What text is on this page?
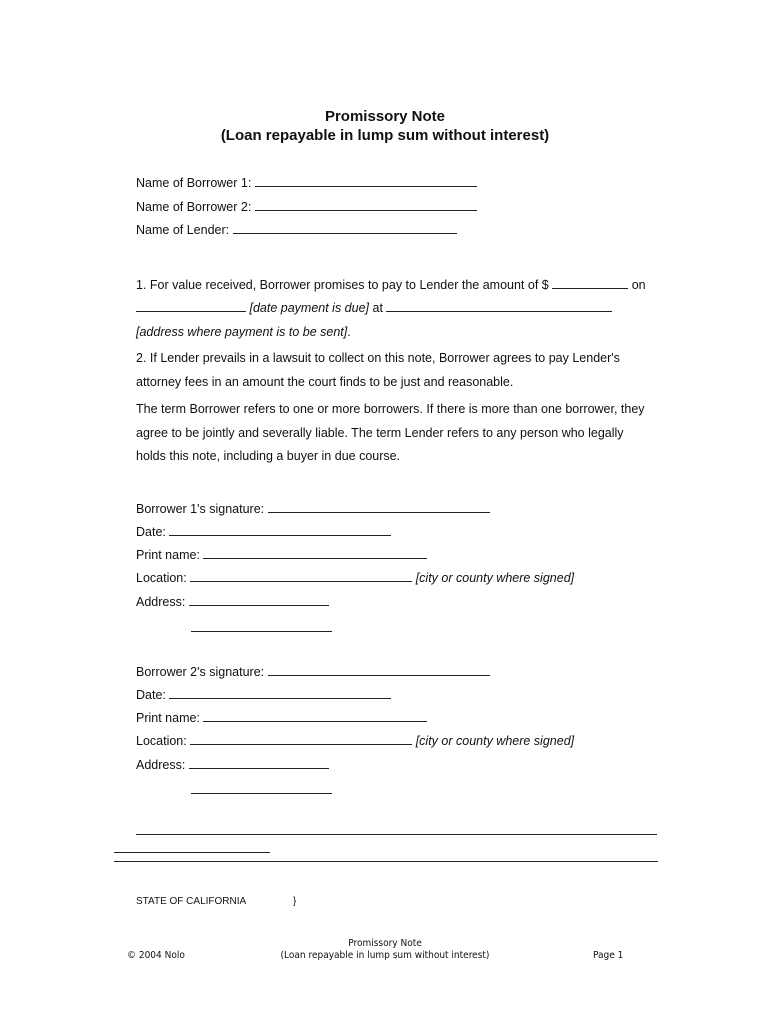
Promissory Note
(Loan repayable in lump sum without interest)
Name of Borrower 1:
Name of Borrower 2:
Name of Lender:
1. For value received, Borrower promises to pay to Lender the amount of $	on
[date payment is due] at
[address where payment is to be sent].
2. If Lender prevails in a lawsuit to collect on this note, Borrower agrees to pay Lender's
attorney fees in an amount the court finds to be just and reasonable.
The term Borrower refers to one or more borrowers. If there is more than one borrower, they
agree to be jointly and severally liable. The term Lender refers to any person who legally
holds this note, including a buyer in due course.
Borrower 1's signature:
Date:
Print name:
Location:	[city or county where signed]
Address:
Borrower 2's signature:
Date:
Print name:
Location:	[city or county where signed]
Address:
STATE OF CALIFORNIA	}
© 2004 Nolo
Promissory Note
(Loan repayable in lump sum without interest)	Page 1
